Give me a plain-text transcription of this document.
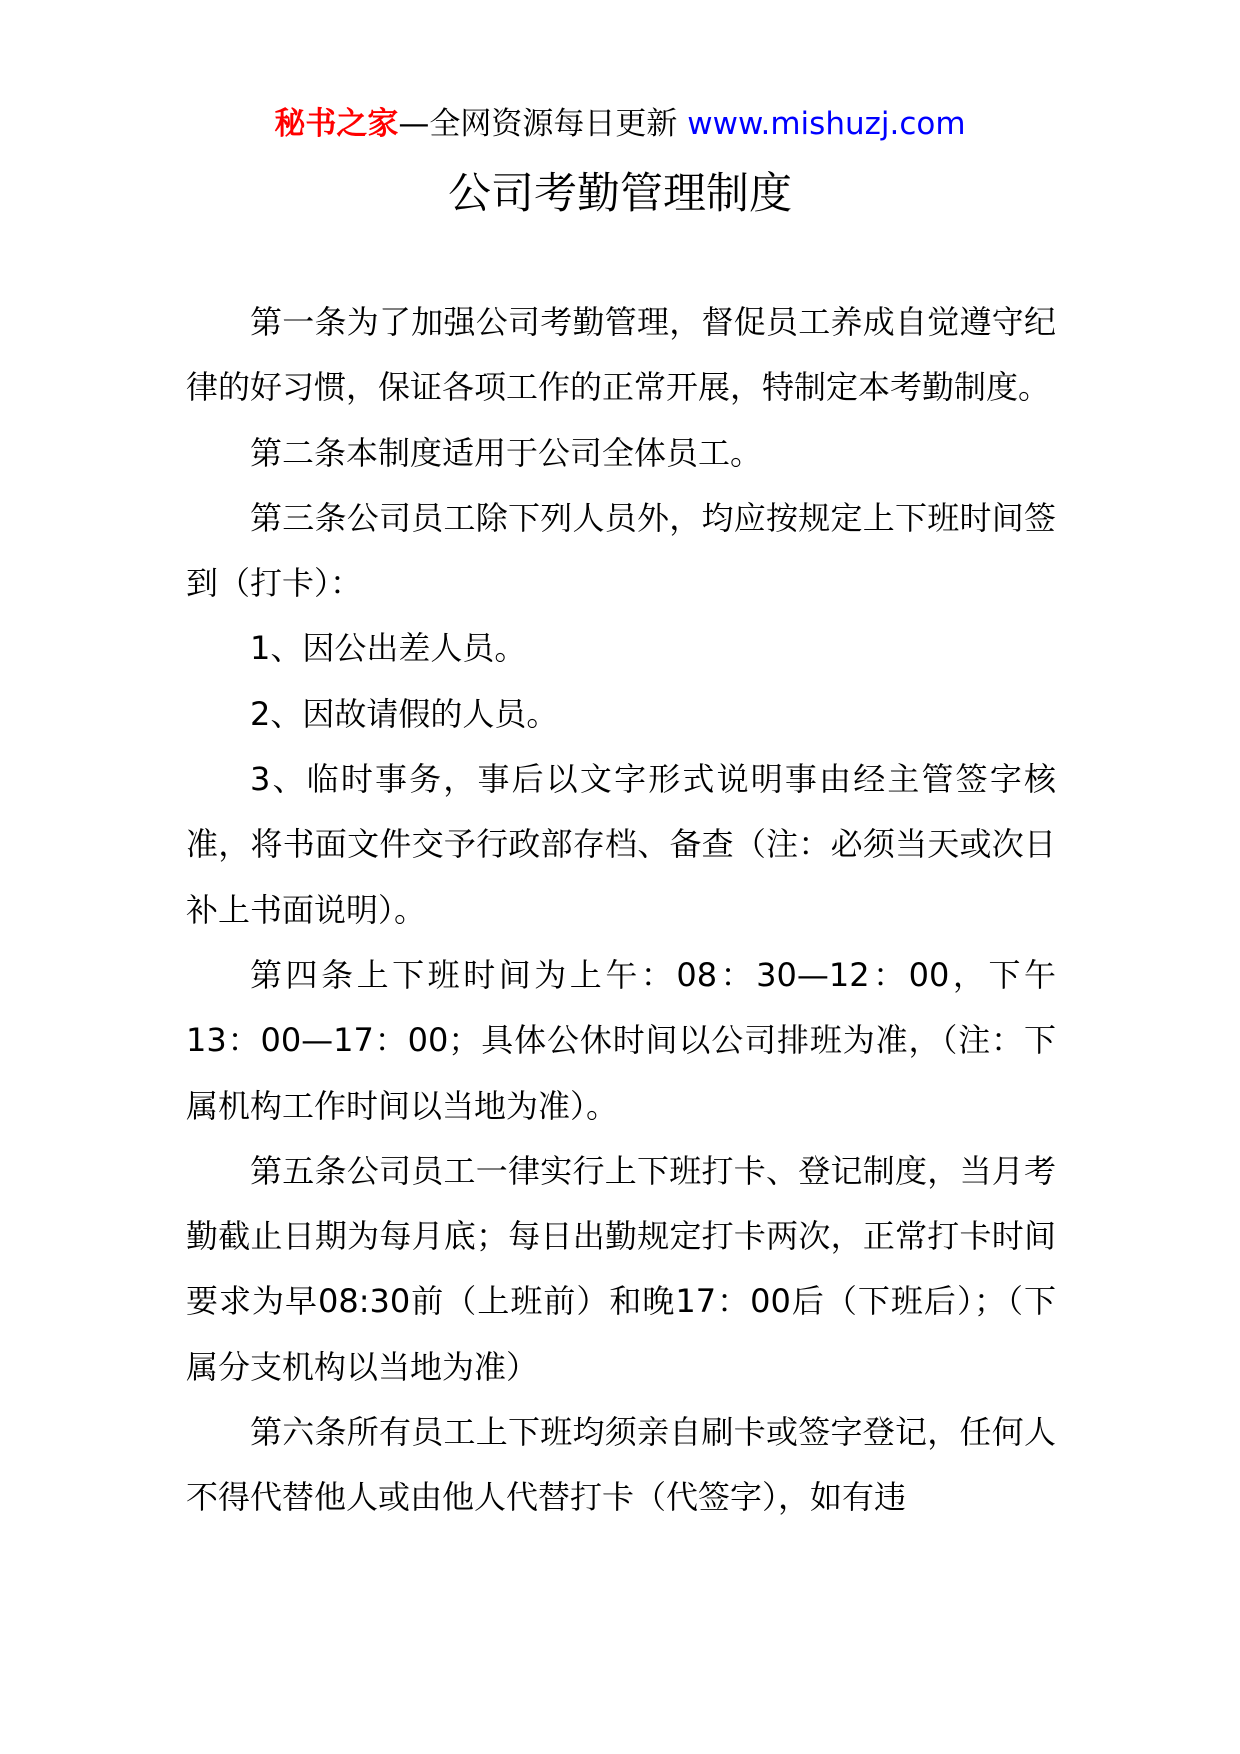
秘书之家—全网资源每日更新 www.mishuzj.com
公司考勤管理制度

第一条为了加强公司考勤管理，督促员工养成自觉遵守纪律的好习惯，保证各项工作的正常开展，特制定本考勤制度。

第二条本制度适用于公司全体员工。

第三条公司员工除下列人员外，均应按规定上下班时间签到（打卡）：

1、因公出差人员。

2、因故请假的人员。

3、临时事务，事后以文字形式说明事由经主管签字核准，将书面文件交予行政部存档、备查（注：必须当天或次日补上书面说明）。

第四条上下班时间为上午：08：30—12：00，下午13：00—17：00；具体公休时间以公司排班为准，（注：下属机构工作时间以当地为准）。

第五条公司员工一律实行上下班打卡、登记制度，当月考勤截止日期为每月底；每日出勤规定打卡两次，正常打卡时间要求为早08:30前（上班前）和晚17：00后（下班后）；（下属分支机构以当地为准）

第六条所有员工上下班均须亲自刷卡或签字登记，任何人不得代替他人或由他人代替打卡（代签字），如有违
